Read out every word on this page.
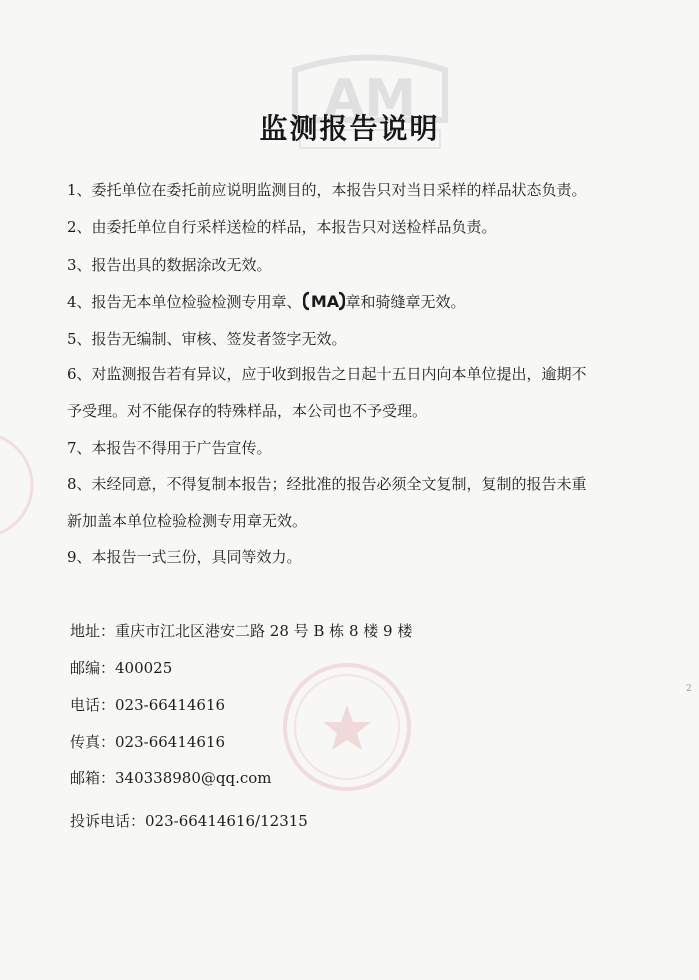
AM
监测报告说明
1、委托单位在委托前应说明监测目的，本报告只对当日采样的样品状态负责。
2、由委托单位自行采样送检的样品，本报告只对送检样品负责。
3、报告出具的数据涂改无效。
4、报告无本单位检验检测专用章、 MA 章和骑缝章无效。
5、报告无编制、审核、签发者签字无效。
6、对监测报告若有异议，应于收到报告之日起十五日内向本单位提出，逾期不
予受理。对不能保存的特殊样品，本公司也不予受理。
7、本报告不得用于广告宣传。
8、未经同意，不得复制本报告；经批准的报告必须全文复制，复制的报告未重
新加盖本单位检验检测专用章无效。
9、本报告一式三份，具同等效力。
地址：重庆市江北区港安二路 28 号 B 栋 8 楼 9 楼
邮编：400025
电话：023-66414616
传真：023-66414616
邮箱：340338980@qq.com
投诉电话：023-66414616/12315
2
